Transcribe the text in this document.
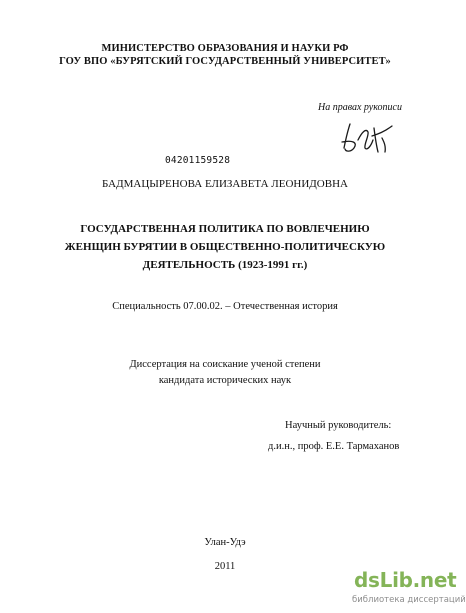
МИНИСТЕРСТВО ОБРАЗОВАНИЯ И НАУКИ РФ
ГОУ ВПО «БУРЯТСКИЙ ГОСУДАРСТВЕННЫЙ УНИВЕРСИТЕТ»
На правах рукописи
04201159528
БАДМАЦЫРЕНОВА ЕЛИЗАВЕТА ЛЕОНИДОВНА
ГОСУДАРСТВЕННАЯ ПОЛИТИКА ПО ВОВЛЕЧЕНИЮ
ЖЕНЩИН БУРЯТИИ В ОБЩЕСТВЕННО-ПОЛИТИЧЕСКУЮ
ДЕЯТЕЛЬНОСТЬ (1923-1991 гг.)
Специальность 07.00.02. – Отечественная история
Диссертация на соискание ученой степени
кандидата исторических наук
Научный руководитель:
д.и.н., проф. Е.Е. Тармаханов
Улан-Удэ
2011
dsLib.net
библиотека диссертаций
